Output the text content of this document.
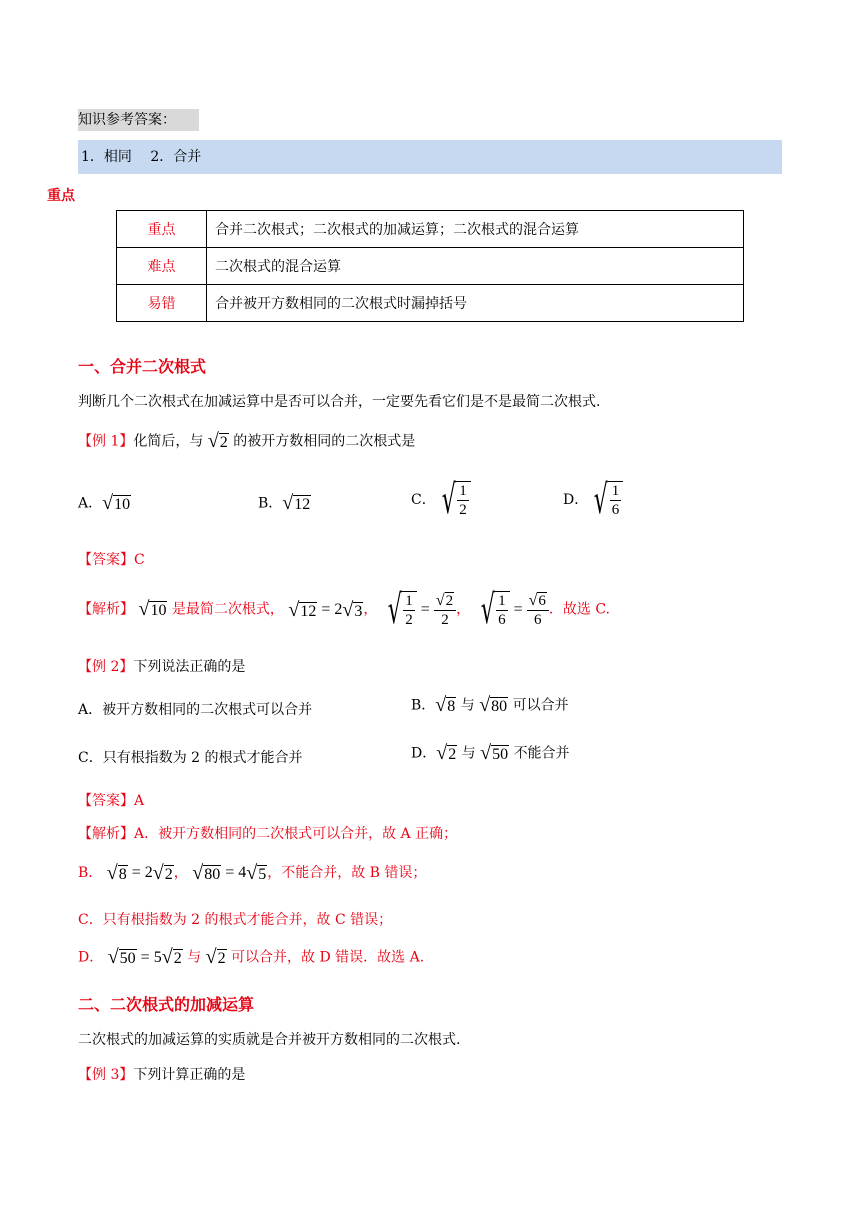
知识参考答案：
1．相同　 2．合并
重点
重点	合并二次根式；二次根式的加减运算；二次根式的混合运算
难点	二次根式的混合运算
易错	合并被开方数相同的二次根式时漏掉括号
一、合并二次根式
判断几个二次根式在加减运算中是否可以合并，一定要先看它们是不是最简二次根式.
【例 1】化简后，与 √2 的被开方数相同的二次根式是
A．√10	B．√12	C． √ $\frac{1}{2}$	D． √ $\frac{1}{6}$
【答案】C
【解析】 √10 是最简二次根式， √12 = 2√3， √ $\frac{1}{2} = \frac{√2}{2}$ ， √ $\frac{1}{6} = \frac{√6}{6}$ ．故选 C.
【例 2】下列说法正确的是
A．被开方数相同的二次根式可以合并	B．√8 与 √80 可以合并
C．只有根指数为 2 的根式才能合并	D．√2 与 √50 不能合并
【答案】A
【解析】A．被开方数相同的二次根式可以合并，故 A 正确；
B． √8 = 2√2， √80 = 4√5，不能合并，故 B 错误；
C．只有根指数为 2 的根式才能合并，故 C 错误；
D． √50 = 5√2 与 √2 可以合并，故 D 错误．故选 A.
二、二次根式的加减运算
二次根式的加减运算的实质就是合并被开方数相同的二次根式.
【例 3】下列计算正确的是
